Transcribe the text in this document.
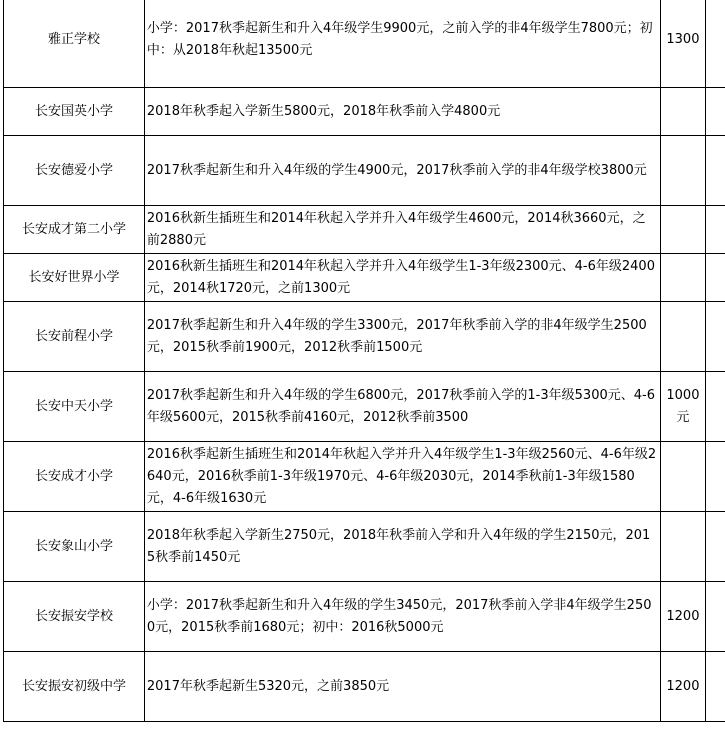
雅正学校	小学：2017秋季起新生和升入4年级学生9900元，之前入学的非4年级学生7800元；初中：从2018年秋起13500元	1300	
长安国英小学	2018年秋季起入学新生5800元，2018年秋季前入学4800元		
长安德爱小学	2017秋季起新生和升入4年级的学生4900元，2017秋季前入学的非4年级学校3800元		
长安成才第二小学	2016秋新生插班生和2014年秋起入学并升入4年级学生4600元，2014秋3660元，之前2880元		
长安好世界小学	2016秋新生插班生和2014年秋起入学并升入4年级学生1-3年级2300元、4-6年级2400元，2014秋1720元，之前1300元		
长安前程小学	2017秋季起新生和升入4年级的学生3300元，2017年秋季前入学的非4年级学生2500元，2015秋季前1900元，2012秋季前1500元		
长安中天小学	2017秋季起新生和升入4年级的学生6800元，2017秋季前入学的1-3年级5300元、4-6年级5600元，2015秋季前4160元，2012秋季前3500	1000元	
长安成才小学	2016秋季起新生插班生和2014年秋起入学并升入4年级学生1-3年级2560元、4-6年级2640元，2016秋季前1-3年级1970元、4-6年级2030元，2014季秋前1-3年级1580元，4-6年级1630元		
长安象山小学	2018年秋季起入学新生2750元，2018年秋季前入学和升入4年级的学生2150元，2015秋季前1450元		
长安振安学校	小学：2017秋季起新生和升入4年级的学生3450元，2017秋季前入学非4年级学生2500元，2015秋季前1680元；初中：2016秋5000元	1200	
长安振安初级中学	2017年秋季起新生5320元，之前3850元	1200	
